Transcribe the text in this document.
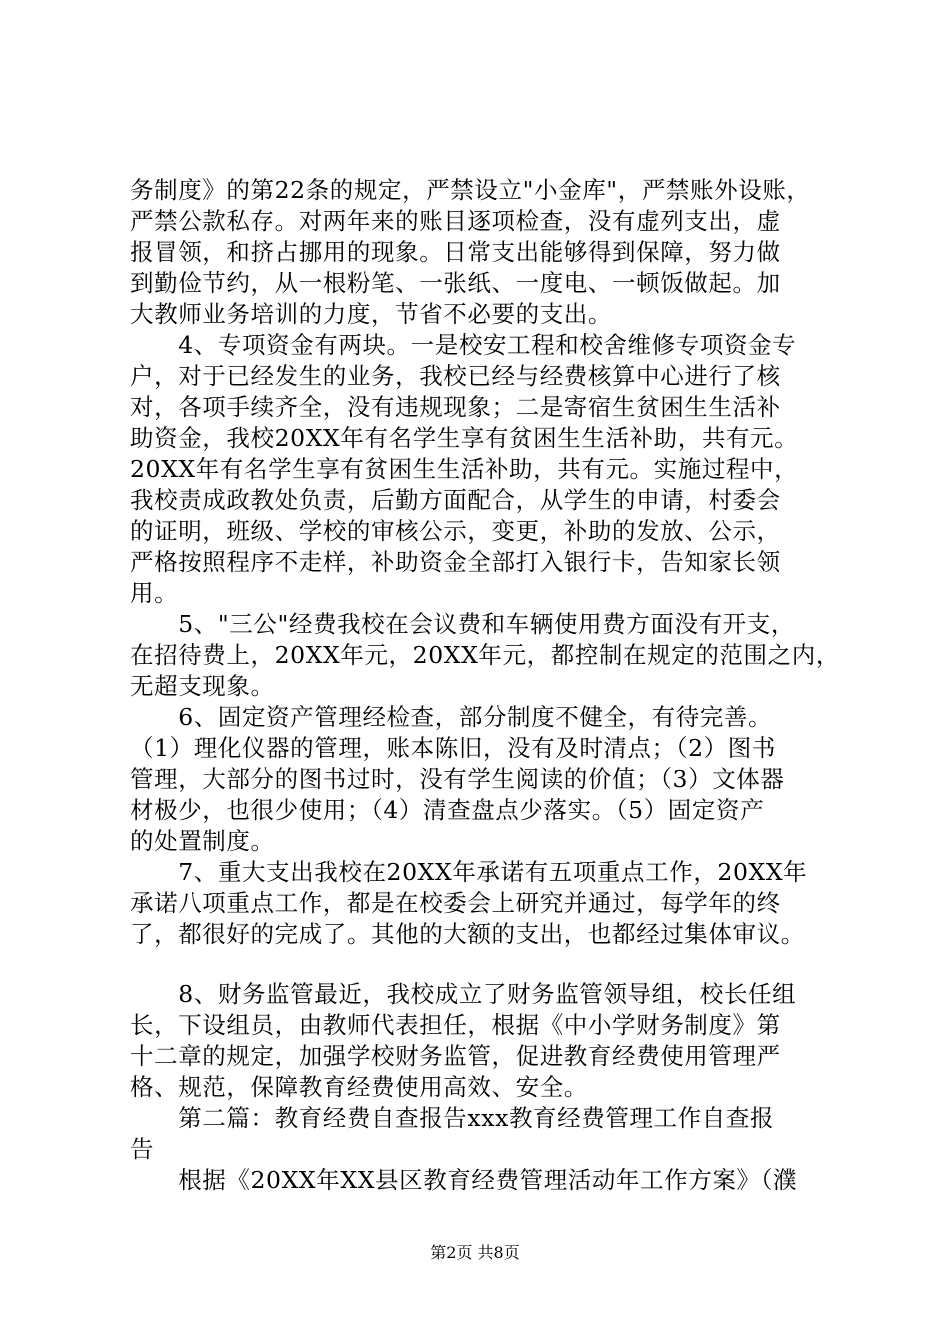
务制度》的第22条的规定，严禁设立"小金库"，严禁账外设账，
严禁公款私存。对两年来的账目逐项检查，没有虚列支出，虚
报冒领，和挤占挪用的现象。日常支出能够得到保障，努力做
到勤俭节约，从一根粉笔、一张纸、一度电、一顿饭做起。加
大教师业务培训的力度，节省不必要的支出。
　　4、专项资金有两块。一是校安工程和校舍维修专项资金专
户，对于已经发生的业务，我校已经与经费核算中心进行了核
对，各项手续齐全，没有违规现象；二是寄宿生贫困生生活补
助资金，我校20XX年有名学生享有贫困生生活补助，共有元。
20XX年有名学生享有贫困生生活补助，共有元。实施过程中，
我校责成政教处负责，后勤方面配合，从学生的申请，村委会
的证明，班级、学校的审核公示，变更，补助的发放、公示，
严格按照程序不走样，补助资金全部打入银行卡，告知家长领
用。
　　5、"三公"经费我校在会议费和车辆使用费方面没有开支，
在招待费上，20XX年元，20XX年元，都控制在规定的范围之内，
无超支现象。
　　6、固定资产管理经检查，部分制度不健全，有待完善。
（1）理化仪器的管理，账本陈旧，没有及时清点；（2）图书
管理，大部分的图书过时，没有学生阅读的价值；（3）文体器
材极少，也很少使用；（4）清查盘点少落实。（5）固定资产
的处置制度。
　　7、重大支出我校在20XX年承诺有五项重点工作，20XX年
承诺八项重点工作，都是在校委会上研究并通过，每学年的终
了，都很好的完成了。其他的大额的支出，也都经过集体审议。
　　8、财务监管最近，我校成立了财务监管领导组，校长任组
长，下设组员，由教师代表担任，根据《中小学财务制度》第
十二章的规定，加强学校财务监管，促进教育经费使用管理严
格、规范，保障教育经费使用高效、安全。
　　第二篇：教育经费自查报告xxx教育经费管理工作自查报
告
　　根据《20XX年XX县区教育经费管理活动年工作方案》（濮
第2页 共8页
